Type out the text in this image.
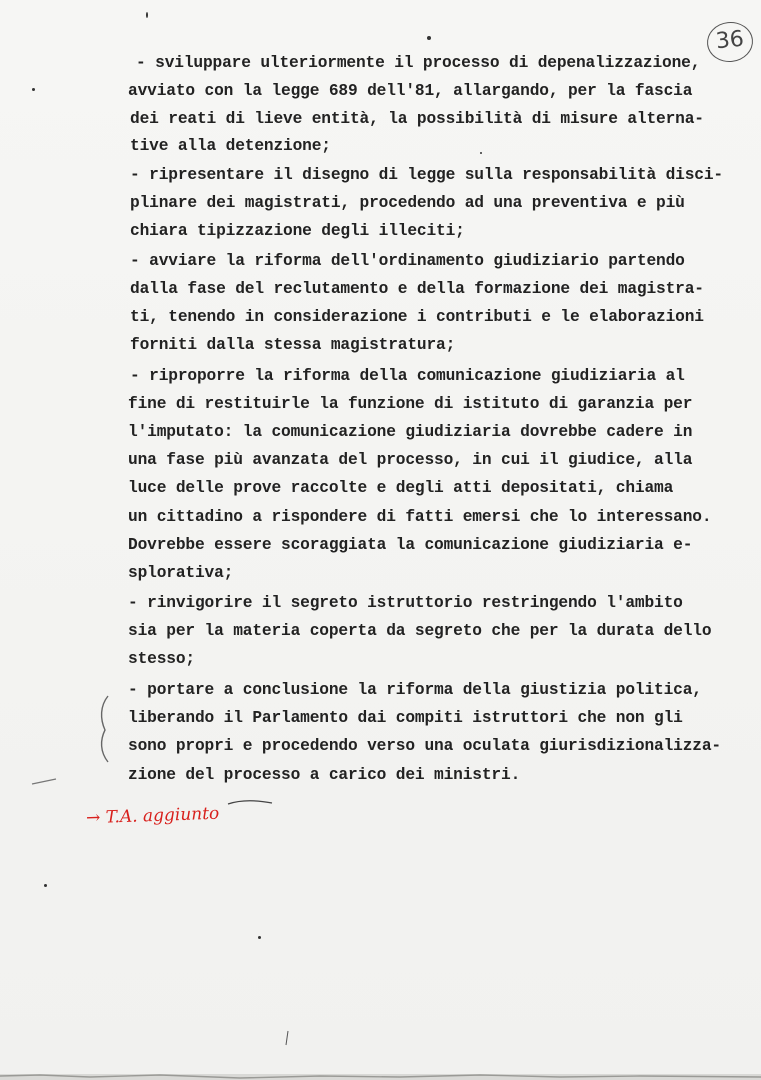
36
- sviluppare ulteriormente il processo di depenalizzazione,
avviato con la legge 689 dell'81, allargando, per la fascia
dei reati di lieve entità, la possibilità di misure alterna-
tive alla detenzione;
- ripresentare il disegno di legge sulla responsabilità disci-
plinare dei magistrati, procedendo ad una preventiva e più
chiara tipizzazione degli illeciti;
- avviare la riforma dell'ordinamento giudiziario partendo
dalla fase del reclutamento e della formazione dei magistra-
ti, tenendo in considerazione i contributi e le elaborazioni
forniti dalla stessa magistratura;
- riproporre la riforma della comunicazione giudiziaria al
fine di restituirle la funzione di istituto di garanzia per
l'imputato: la comunicazione giudiziaria dovrebbe cadere in
una fase più avanzata del processo, in cui il giudice, alla
luce delle prove raccolte e degli atti depositati, chiama
un cittadino a rispondere di fatti emersi che lo interessano.
Dovrebbe essere scoraggiata la comunicazione giudiziaria e-
splorativa;
- rinvigorire il segreto istruttorio restringendo l'ambito
sia per la materia coperta da segreto che per la durata dello
stesso;
- portare a conclusione la riforma della giustizia politica,
liberando il Parlamento dai compiti istruttori che non gli
sono propri e procedendo verso una oculata giurisdizionalizza-
zione del processo a carico dei ministri.
→ T.A. aggiunto
